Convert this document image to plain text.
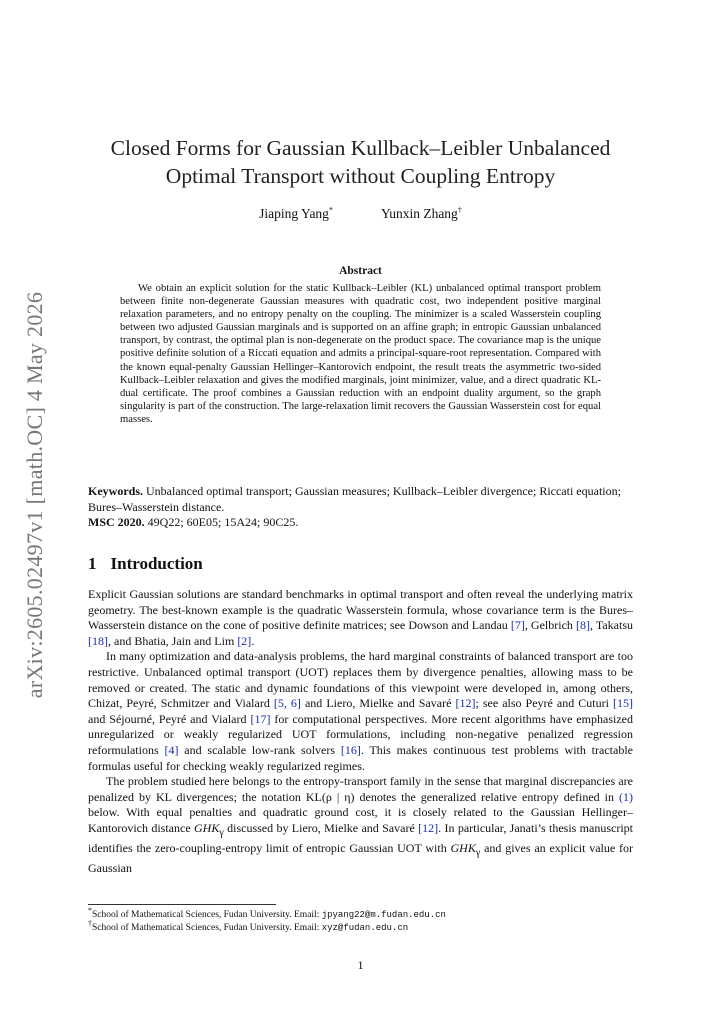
arXiv:2605.02497v1 [math.OC] 4 May 2026
Closed Forms for Gaussian Kullback–Leibler Unbalanced
Optimal Transport without Coupling Entropy
Jiaping Yang*	Yunxin Zhang†
Abstract

We obtain an explicit solution for the static Kullback–Leibler (KL) unbalanced optimal transport problem between finite non-degenerate Gaussian measures with quadratic cost, two independent positive marginal relaxation parameters, and no entropy penalty on the coupling. The minimizer is a scaled Wasserstein coupling between two adjusted Gaussian marginals and is supported on an affine graph; in entropic Gaussian unbalanced transport, by contrast, the optimal plan is non-degenerate on the product space. The covariance map is the unique positive definite solution of a Riccati equation and admits a principal-square-root representation. Compared with the known equal-penalty Gaussian Hellinger–Kantorovich endpoint, the result treats the asymmetric two-sided Kullback–Leibler relaxation and gives the modified marginals, joint minimizer, value, and a direct quadratic KL-dual certificate. The proof combines a Gaussian reduction with an endpoint duality argument, so the graph singularity is part of the construction. The large-relaxation limit recovers the Gaussian Wasserstein cost for equal masses.

Keywords. Unbalanced optimal transport; Gaussian measures; Kullback–Leibler divergence; Riccati equation; Bures–Wasserstein distance.
MSC 2020. 49Q22; 60E05; 15A24; 90C25.

1 Introduction

Explicit Gaussian solutions are standard benchmarks in optimal transport and often reveal the underlying matrix geometry. The best-known example is the quadratic Wasserstein formula, whose covariance term is the Bures–Wasserstein distance on the cone of positive definite matrices; see Dowson and Landau [7], Gelbrich [8], Takatsu [18], and Bhatia, Jain and Lim [2].

In many optimization and data-analysis problems, the hard marginal constraints of balanced transport are too restrictive. Unbalanced optimal transport (UOT) replaces them by divergence penalties, allowing mass to be removed or created. The static and dynamic foundations of this viewpoint were developed in, among others, Chizat, Peyré, Schmitzer and Vialard [5, 6] and Liero, Mielke and Savaré [12]; see also Peyré and Cuturi [15] and Séjourné, Peyré and Vialard [17] for computational perspectives. More recent algorithms have emphasized unregularized or weakly regularized UOT formulations, including non-negative penalized regression reformulations [4] and scalable low-rank solvers [16]. This makes continuous test problems with tractable formulas useful for checking weakly regularized regimes.

The problem studied here belongs to the entropy-transport family in the sense that marginal discrepancies are penalized by KL divergences; the notation KL(ρ | η) denotes the generalized relative entropy defined in (1) below. With equal penalties and quadratic ground cost, it is closely related to the Gaussian Hellinger–Kantorovich distance $GHK_\gamma$ discussed by Liero, Mielke and Savaré [12]. In particular, Janati’s thesis manuscript identifies the zero-coupling-entropy limit of entropic Gaussian UOT with $GHK_\gamma$ and gives an explicit value for Gaussian

*School of Mathematical Sciences, Fudan University. Email: jpyang22@m.fudan.edu.cn
†School of Mathematical Sciences, Fudan University. Email: xyz@fudan.edu.cn
1
